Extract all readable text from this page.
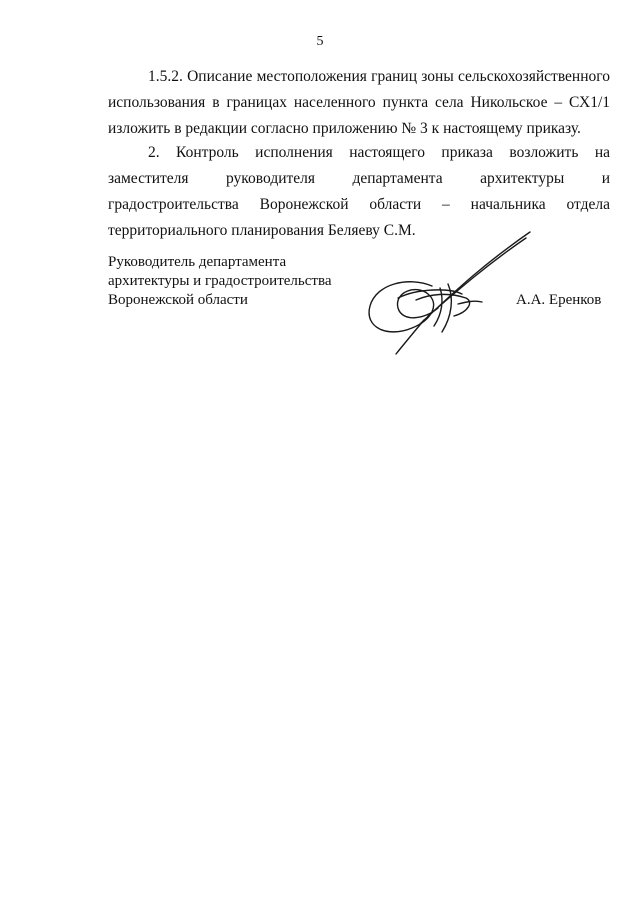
5

1.5.2. Описание местоположения границ зоны сельскохозяйственного использования в границах населенного пункта села Никольское – СХ1/1 изложить в редакции согласно приложению № 3 к настоящему приказу.

2. Контроль исполнения настоящего приказа возложить на заместителя руководителя департамента архитектуры и градостроительства Воронежской области – начальника отдела территориального планирования Беляеву С.М.

Руководитель департамента
архитектуры и градостроительства
Воронежской области	А.А. Еренков
